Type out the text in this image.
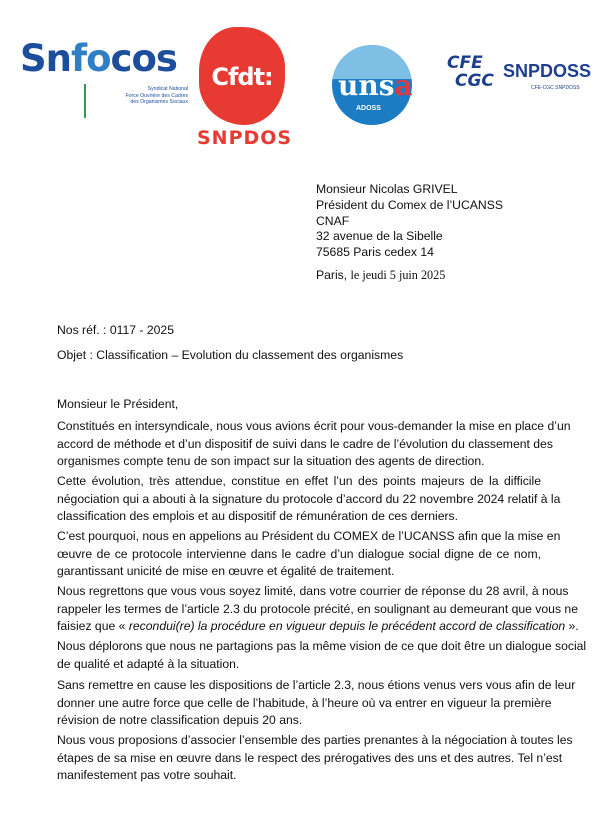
Snfocos
Syndicat National
Force Ouvrière des Cadres
des Organismes Sociaux
Cfdt:
SNPDOS
unsa
ADOSS
CFE
CGC SNPDOSS
CFE-CGC SNPDOSS
Monsieur Nicolas GRIVEL
Président du Comex de l’UCANSS
CNAF
32 avenue de la Sibelle
75685 Paris cedex 14
Paris, le jeudi 5 juin 2025
Nos réf. : 0117 - 2025
Objet : Classification – Evolution du classement des organismes
Monsieur le Président,
Constitués en intersyndicale, nous vous avions écrit pour vous-demander la mise en place d’un
accord de méthode et d’un dispositif de suivi dans le cadre de l’évolution du classement des
organismes compte tenu de son impact sur la situation des agents de direction.
Cette évolution, très attendue, constitue en effet l’un des points majeurs de la difficile
négociation qui a abouti à la signature du protocole d’accord du 22 novembre 2024 relatif à la
classification des emplois et au dispositif de rémunération de ces derniers.
C’est pourquoi, nous en appelions au Président du COMEX de l’UCANSS afin que la mise en
œuvre de ce protocole intervienne dans le cadre d’un dialogue social digne de ce nom,
garantissant unicité de mise en œuvre et égalité de traitement.
Nous regrettons que vous vous soyez limité, dans votre courrier de réponse du 28 avril, à nous
rappeler les termes de l’article 2.3 du protocole précité, en soulignant au demeurant que vous ne
faisiez que « recondui(re) la procédure en vigueur depuis le précédent accord de classification ».
Nous déplorons que nous ne partagions pas la même vision de ce que doit être un dialogue social
de qualité et adapté à la situation.
Sans remettre en cause les dispositions de l’article 2.3, nous étions venus vers vous afin de leur
donner une autre force que celle de l’habitude, à l’heure où va entrer en vigueur la première
révision de notre classification depuis 20 ans.
Nous vous proposions d’associer l’ensemble des parties prenantes à la négociation à toutes les
étapes de sa mise en œuvre dans le respect des prérogatives des uns et des autres. Tel n’est
manifestement pas votre souhait.
